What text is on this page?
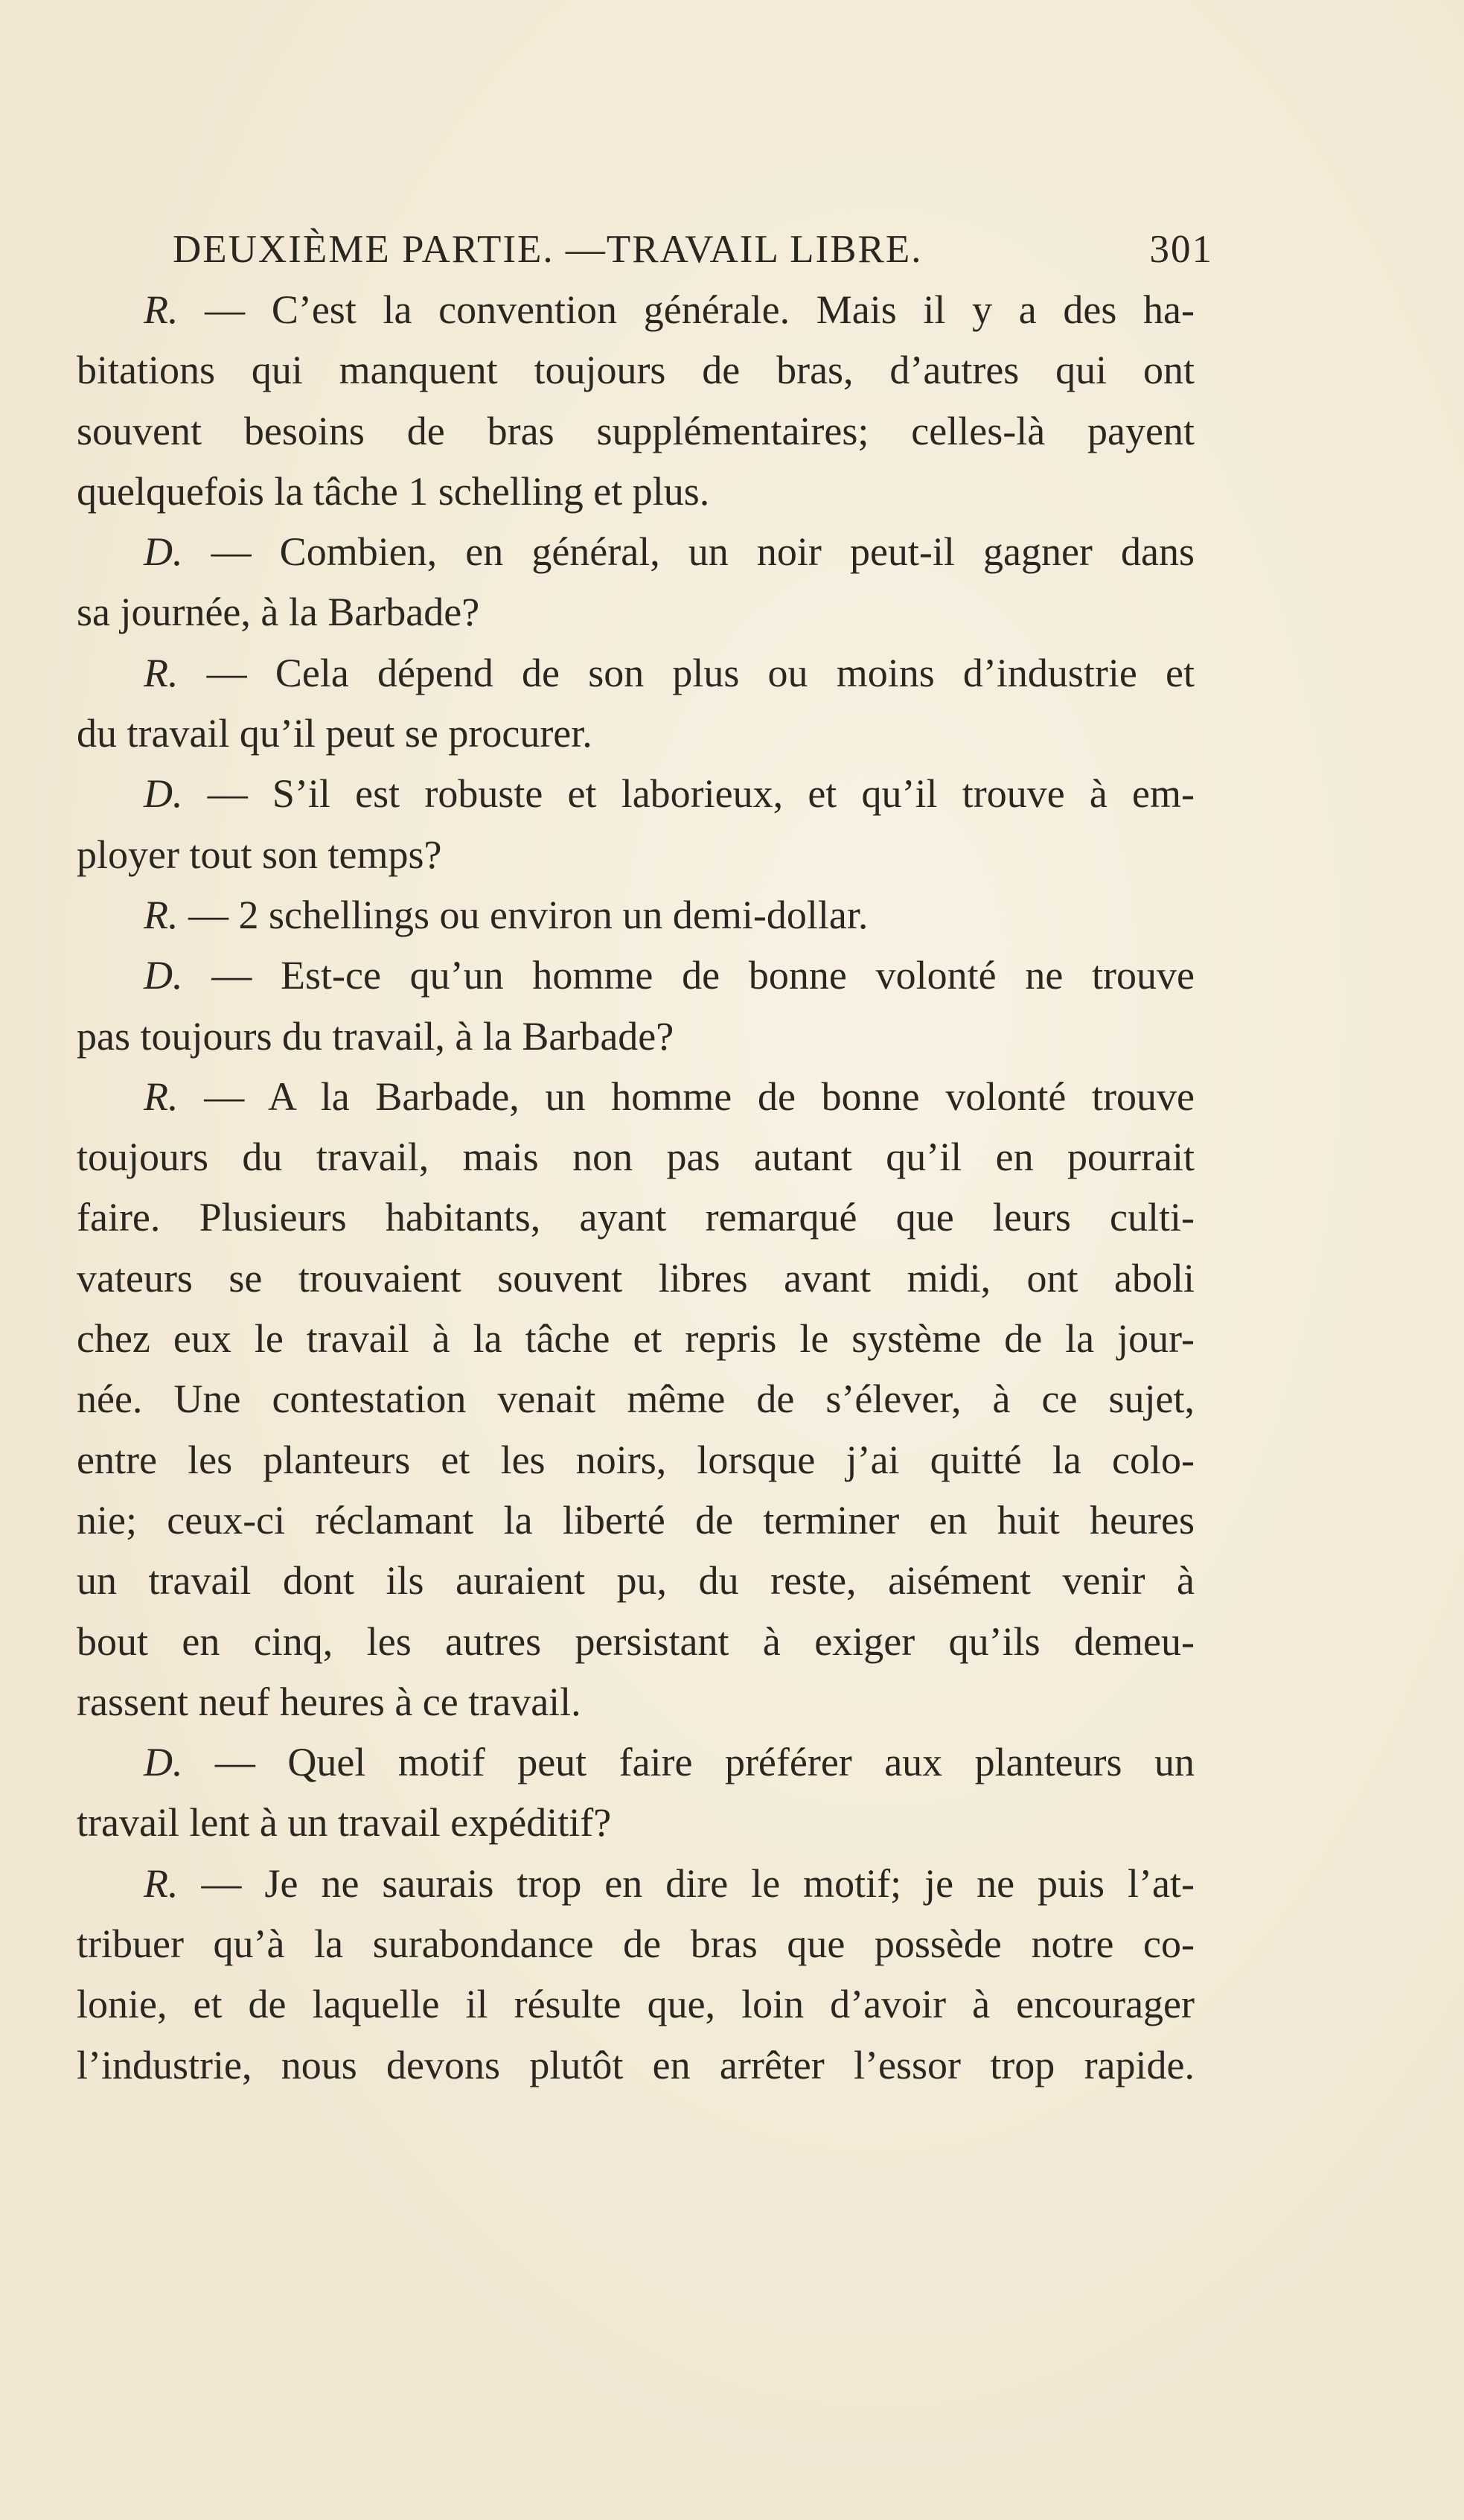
DEUXIÈME PARTIE. —TRAVAIL LIBRE.	301
R. — C’est la convention générale. Mais il y a des ha-
bitations qui manquent toujours de bras, d’autres qui ont
souvent besoins de bras supplémentaires; celles-là payent
quelquefois la tâche 1 schelling et plus.
D. — Combien, en général, un noir peut-il gagner dans
sa journée, à la Barbade?
R. — Cela dépend de son plus ou moins d’industrie et
du travail qu’il peut se procurer.
D. — S’il est robuste et laborieux, et qu’il trouve à em-
ployer tout son temps?
R. — 2 schellings ou environ un demi-dollar.
D. — Est-ce qu’un homme de bonne volonté ne trouve
pas toujours du travail, à la Barbade?
R. — A la Barbade, un homme de bonne volonté trouve
toujours du travail, mais non pas autant qu’il en pourrait
faire. Plusieurs habitants, ayant remarqué que leurs culti-
vateurs se trouvaient souvent libres avant midi, ont aboli
chez eux le travail à la tâche et repris le système de la jour-
née. Une contestation venait même de s’élever, à ce sujet,
entre les planteurs et les noirs, lorsque j’ai quitté la colo-
nie; ceux-ci réclamant la liberté de terminer en huit heures
un travail dont ils auraient pu, du reste, aisément venir à
bout en cinq, les autres persistant à exiger qu’ils demeu-
rassent neuf heures à ce travail.
D. — Quel motif peut faire préférer aux planteurs un
travail lent à un travail expéditif?
R. — Je ne saurais trop en dire le motif; je ne puis l’at-
tribuer qu’à la surabondance de bras que possède notre co-
lonie, et de laquelle il résulte que, loin d’avoir à encourager
l’industrie, nous devons plutôt en arrêter l’essor trop rapide.
